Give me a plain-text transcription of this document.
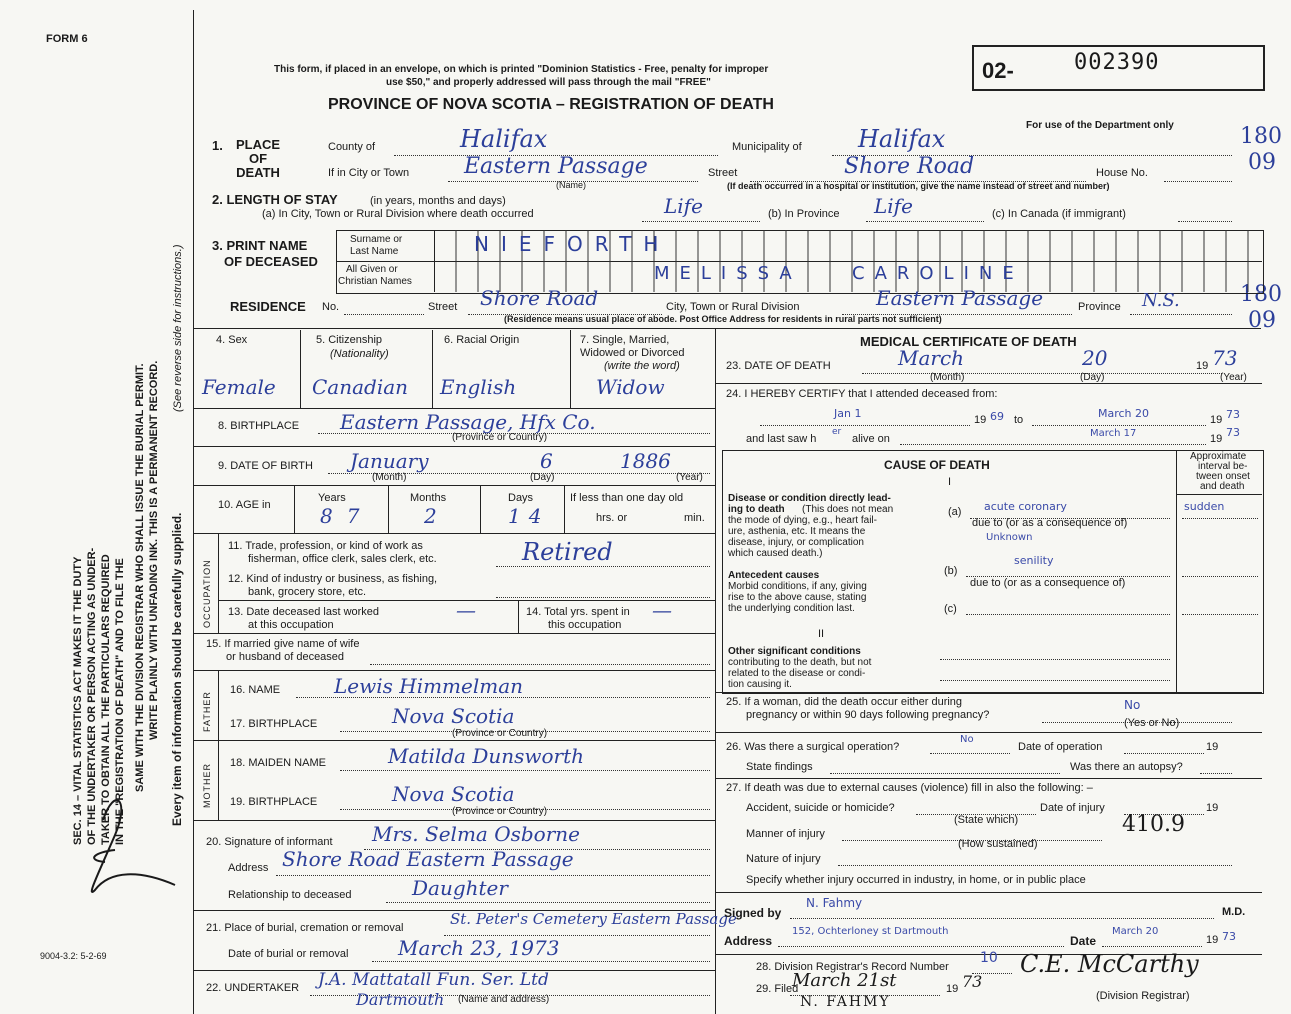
FORM 6
9004-3.2: 5-2-69
This form, if placed in an envelope, on which is printed "Dominion Statistics - Free, penalty for improper
use $50," and properly addressed will pass through the mail "FREE"
PROVINCE OF NOVA SCOTIA – REGISTRATION OF DEATH
02-	002390
For use of the Department only	180
09
180
09
SEC. 14 – VITAL STATISTICS ACT MAKES IT THE DUTY OF THE UNDERTAKER OR PERSON ACTING AS UNDER- TAKER TO OBTAIN ALL THE PARTICULARS REQUIRED IN THE "REGISTRATION OF DEATH" AND TO FILE THE SAME WITH THE DIVISION REGISTRAR WHO SHALL ISSUE THE BURIAL PERMIT. WRITE PLAINLY WITH UNFADING INK. THIS IS A PERMANENT RECORD. Every item of information should be carefully supplied.
(See reverse side for instructions.)
1.	PLACE OF DEATH
County of	Halifax	Municipality of Halifax
If in City or Town Eastern Passage
(Name)
Street	Shore Road	House No.
(If death occurred in a hospital or institution, give the name instead of street and number)
2. LENGTH OF STAY	(in years, months and days)
(a) In City, Town or Rural Division where death occurred	Life	(b) In Province Life	(c) In Canada (if immigrant)
3. PRINT NAME
OF DECEASED
Surname or
Last Name
All Given or
Christian Names
NIEFORTH
MELISSA	CAROLINE
RESIDENCE No.	Street Shore Road	City, Town or Rural Division	Eastern Passage	Province N.S.
(Residence means usual place of abode. Post Office Address for residents in rural parts not sufficient)
4. Sex
Female
5. Citizenship
(Nationality)
Canadian
6. Racial Origin
English
7. Single, Married,
Widowed or Divorced
(write the word)
Widow
8. BIRTHPLACE Eastern Passage, Hfx Co.
(Province or Country)
9. DATE OF BIRTH January	6	1886
(Month)	(Day)	(Year)
10. AGE in
Years
87
Months
2
Days
14
If less than one day old
hrs. or	min.
OCCUPATION
11. Trade, profession, or kind of work as
fisherman, office clerk, sales clerk, etc.	Retired
12. Kind of industry or business, as fishing,
bank, grocery store, etc.
13. Date deceased last worked
at this occupation
—	14. Total yrs. spent in
this occupation
—
15. If married give name of wife
or husband of deceased
FATHER
16. NAME	Lewis Himmelman
17. BIRTHPLACE	Nova Scotia
(Province or Country)
MOTHER 18. MAIDEN NAME	Matilda Dunsworth
19. BIRTHPLACE	Nova Scotia
(Province or Country)
20. Signature of informant Mrs. Selma Osborne
Address Shore Road Eastern Passage
Relationship to deceased	Daughter
21. Place of burial, cremation or removal	St. Peter's Cemetery Eastern Passage
Date of burial or removal March 23, 1973
22. UNDERTAKER J.A. Mattatall Fun. Ser. Ltd
Dartmouth (Name and address)
MEDICAL CERTIFICATE OF DEATH
23. DATE OF DEATH	March	20	19 73
(Month)	(Day)	(Year)
24. I HEREBY CERTIFY that I attended deceased from:
Jan 1	19 69 to	March 20	19 73
and last saw h
er
alive on	March 17	19 73
CAUSE OF DEATH
Approximate
interval be-
tween onset
and death
I
Disease or condition directly lead-
ing to death (This does not mean
the mode of dying, e.g., heart fail-
ure, asthenia, etc. It means the
disease, injury, or complication
which caused death.)
(a) acute coronary	sudden
due to (or as a consequence of)
Unknown
Antecedent causes
Morbid conditions, if any, giving
rise to the above cause, stating
the underlying condition last.
(b)
senility
due to (or as a consequence of)
(c)
II
Other significant conditions
contributing to the death, but not
related to the disease or condi-
tion causing it.
25. If a woman, did the death occur either during
pregnancy or within 90 days following pregnancy?
No
(Yes or No)
26. Was there a surgical operation?
No
Date of operation	19
State findings	Was there an autopsy?
27. If death was due to external causes (violence) fill in also the following: –
Accident, suicide or homicide?	Date of injury	19
(State which)	410.9
Manner of injury
(How sustained)
Nature of injury
Specify whether injury occurred in industry, in home, or in public place
Signed by
N. Fahmy
M.D.
Address
152, Ochterloney st Dartmouth
Date
March 20
19 73
28. Division Registrar's Record Number
10
29. Filed
March 21st	19 73
C.E. McCarthy
(Division Registrar)
N. FAHMY
